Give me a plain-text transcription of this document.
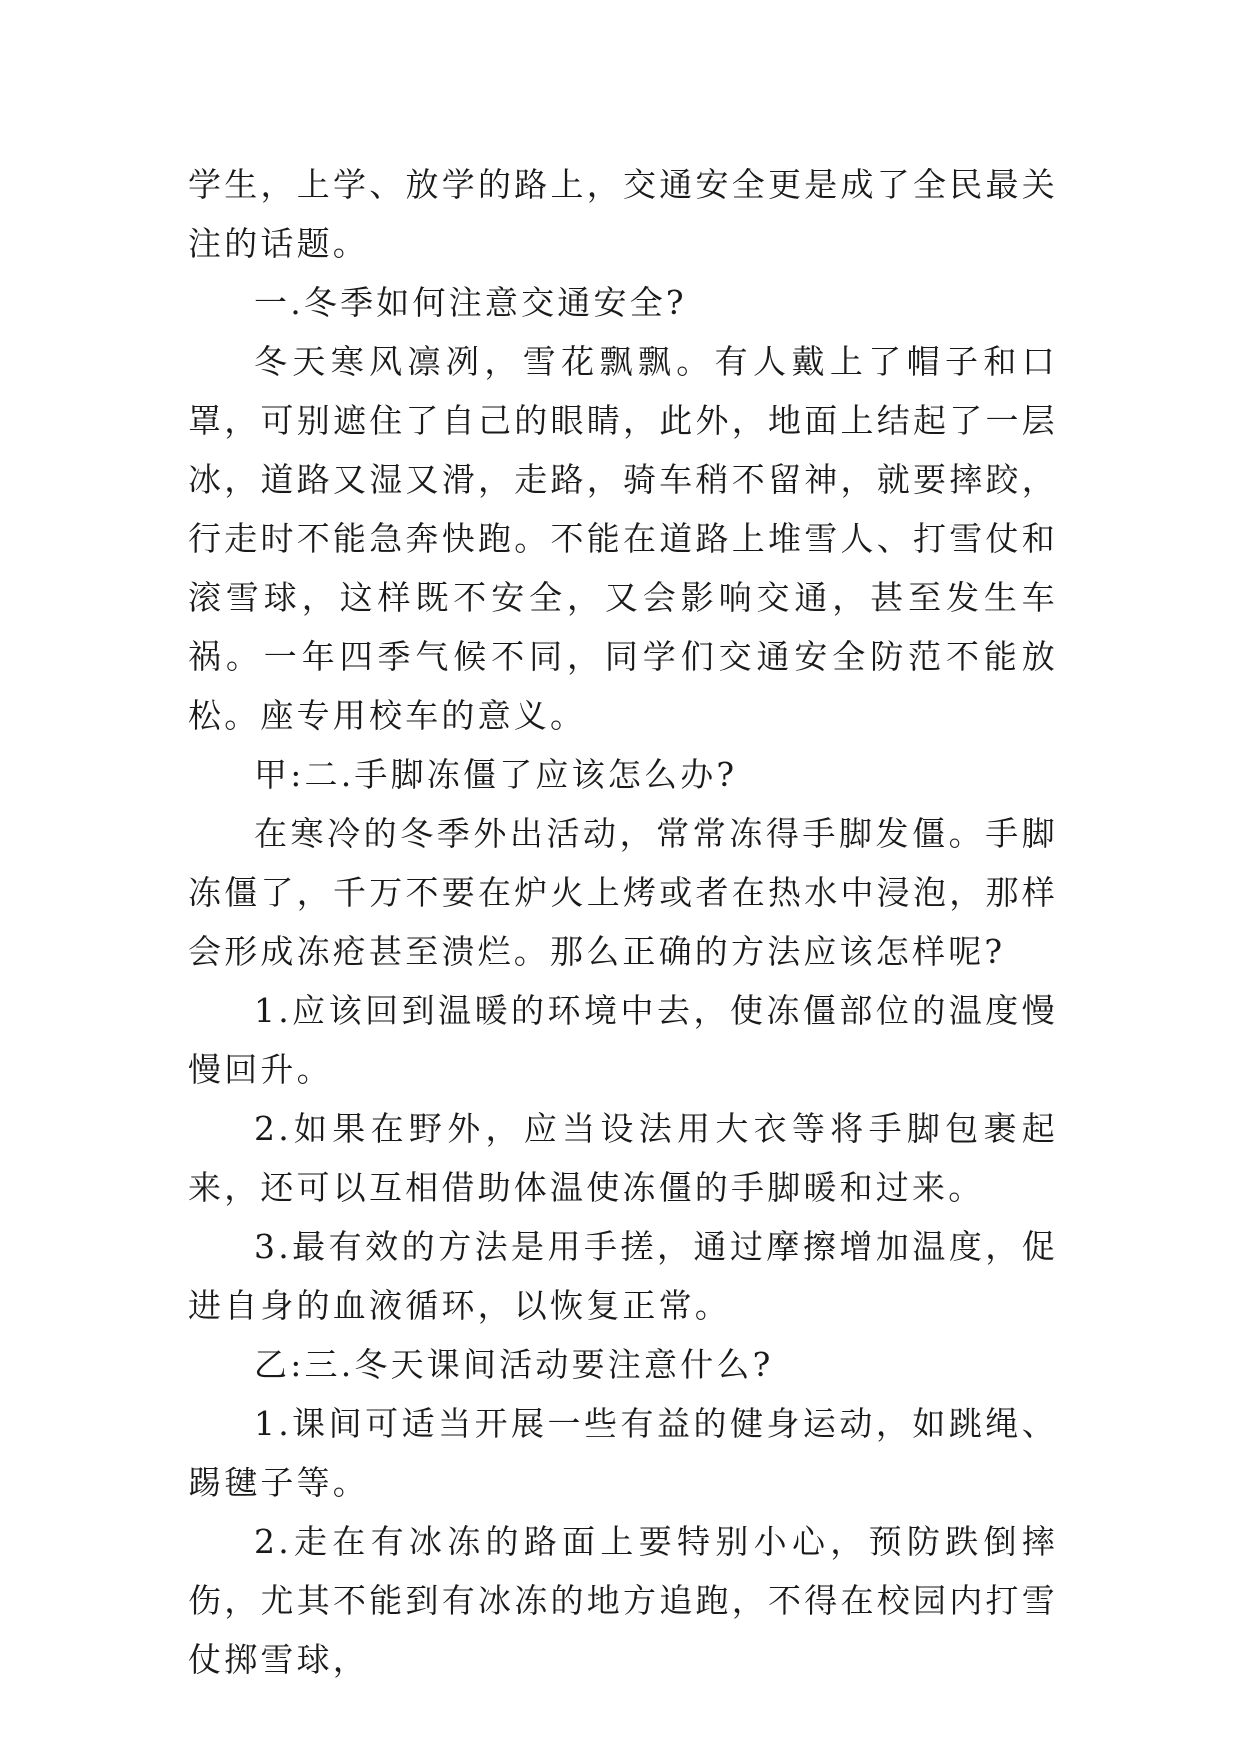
学生，上学、放学的路上，交通安全更是成了全民最关注的话题。

一.冬季如何注意交通安全?

冬天寒风凛冽，雪花飘飘。有人戴上了帽子和口罩，可别遮住了自己的眼睛，此外，地面上结起了一层冰，道路又湿又滑，走路，骑车稍不留神，就要摔跤，行走时不能急奔快跑。不能在道路上堆雪人、打雪仗和滚雪球，这样既不安全，又会影响交通，甚至发生车祸。一年四季气候不同，同学们交通安全防范不能放松。座专用校车的意义。

甲:二.手脚冻僵了应该怎么办?

在寒冷的冬季外出活动，常常冻得手脚发僵。手脚冻僵了，千万不要在炉火上烤或者在热水中浸泡，那样会形成冻疮甚至溃烂。那么正确的方法应该怎样呢?

1.应该回到温暖的环境中去，使冻僵部位的温度慢慢回升。

2.如果在野外，应当设法用大衣等将手脚包裹起来，还可以互相借助体温使冻僵的手脚暖和过来。

3.最有效的方法是用手搓，通过摩擦增加温度，促进自身的血液循环，以恢复正常。

乙:三.冬天课间活动要注意什么?

1.课间可适当开展一些有益的健身运动，如跳绳、踢毽子等。

2.走在有冰冻的路面上要特别小心，预防跌倒摔伤，尤其不能到有冰冻的地方追跑，不得在校园内打雪仗掷雪球，
